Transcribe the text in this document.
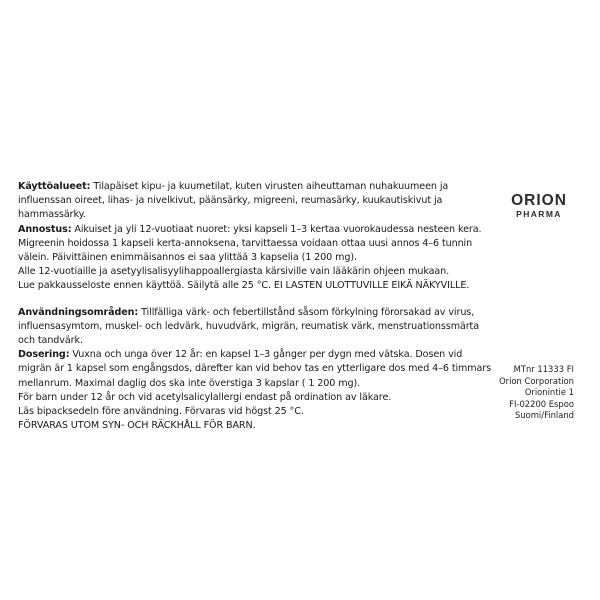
Käyttöalueet: Tilapäiset kipu- ja kuumetilat, kuten virusten aiheuttaman nuhakuumeen ja influenssan oireet, lihas- ja nivelkivut, päänsärky, migreeni, reumasärky, kuukautiskivut ja hammassärky.

Annostus: Aikuiset ja yli 12-vuotiaat nuoret: yksi kapseli 1–3 kertaa vuorokaudessa nesteen kera. Migreenin hoidossa 1 kapseli kerta-annoksena, tarvittaessa voidaan ottaa uusi annos 4–6 tunnin välein. Päivittäinen enimmäisannos ei saa ylittää 3 kapselia (1 200 mg).

Alle 12-vuotiaille ja asetyylisalisyylihappoallergiasta kärsiville vain lääkärin ohjeen mukaan.

Lue pakkausseloste ennen käyttöä. Säilytä alle 25 °C. EI LASTEN ULOTTUVILLE EIKÄ NÄKYVILLE.

Användningsområden: Tillfälliga värk- och febertillstånd såsom förkylning förorsakad av virus, influensasymtom, muskel- och ledvärk, huvudvärk, migrän, reumatisk värk, menstruationssmärta och tandvärk.

Dosering: Vuxna och unga över 12 år: en kapsel 1–3 gånger per dygn med vätska. Dosen vid migrän är 1 kapsel som engångsdos, därefter kan vid behov tas en ytterligare dos med 4–6 timmars mellanrum. Maximal daglig dos ska inte överstiga 3 kapslar ( 1 200 mg).

För barn under 12 år och vid acetylsalicylallergi endast på ordination av läkare.

Läs bipacksedeln före användning. Förvaras vid högst 25 °C.

FÖRVARAS UTOM SYN- OCH RÄCKHÅLL FÖR BARN.

ORION
PHARMA
MTnr 11333 FI
Orion Corporation
Orionintie 1
FI-02200 Espoo
Suomi/Finland
